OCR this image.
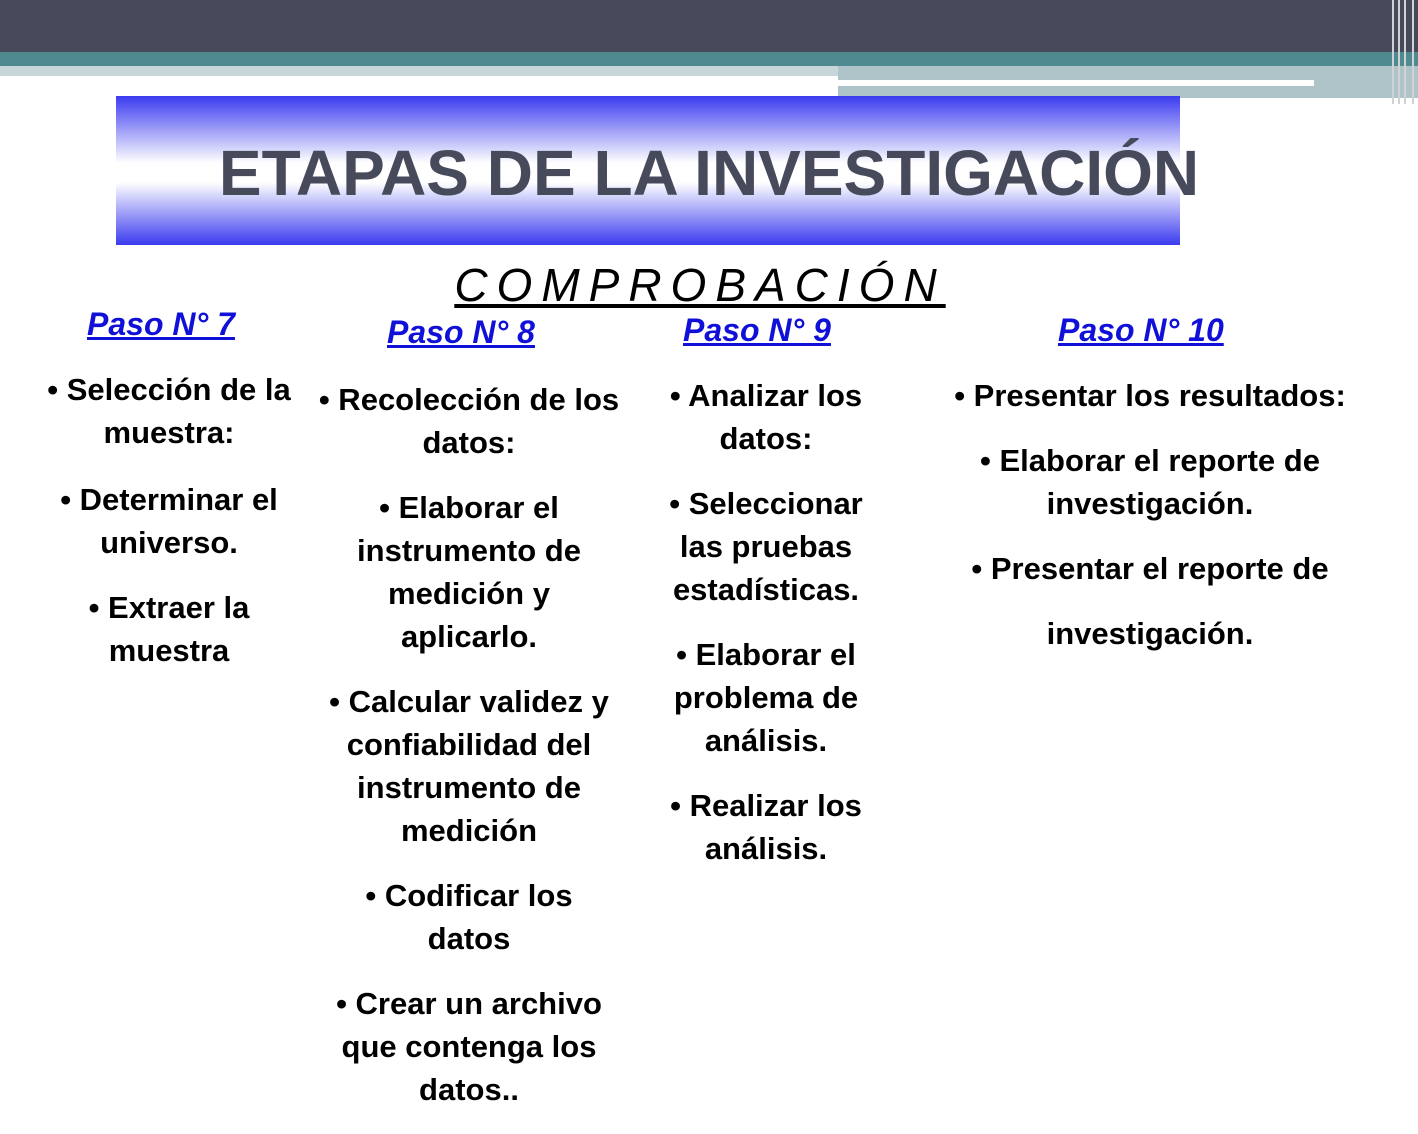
ETAPAS DE LA INVESTIGACIÓN
COMPROBACIÓN
Paso N° 7	Paso N° 8	Paso N° 9	Paso N° 10
• Selección de la muestra:
• Determinar el universo.
• Extraer la muestra
• Recolección de los datos:
• Elaborar el instrumento de medición y aplicarlo.
• Calcular validez y confiabilidad del instrumento de medición
• Codificar los datos
• Crear un archivo que contenga los datos..
• Analizar los datos:
• Seleccionar las pruebas estadísticas.
• Elaborar el problema de análisis.
• Realizar los análisis.
• Presentar los resultados:
• Elaborar el reporte de investigación.
• Presentar el reporte de
investigación.
